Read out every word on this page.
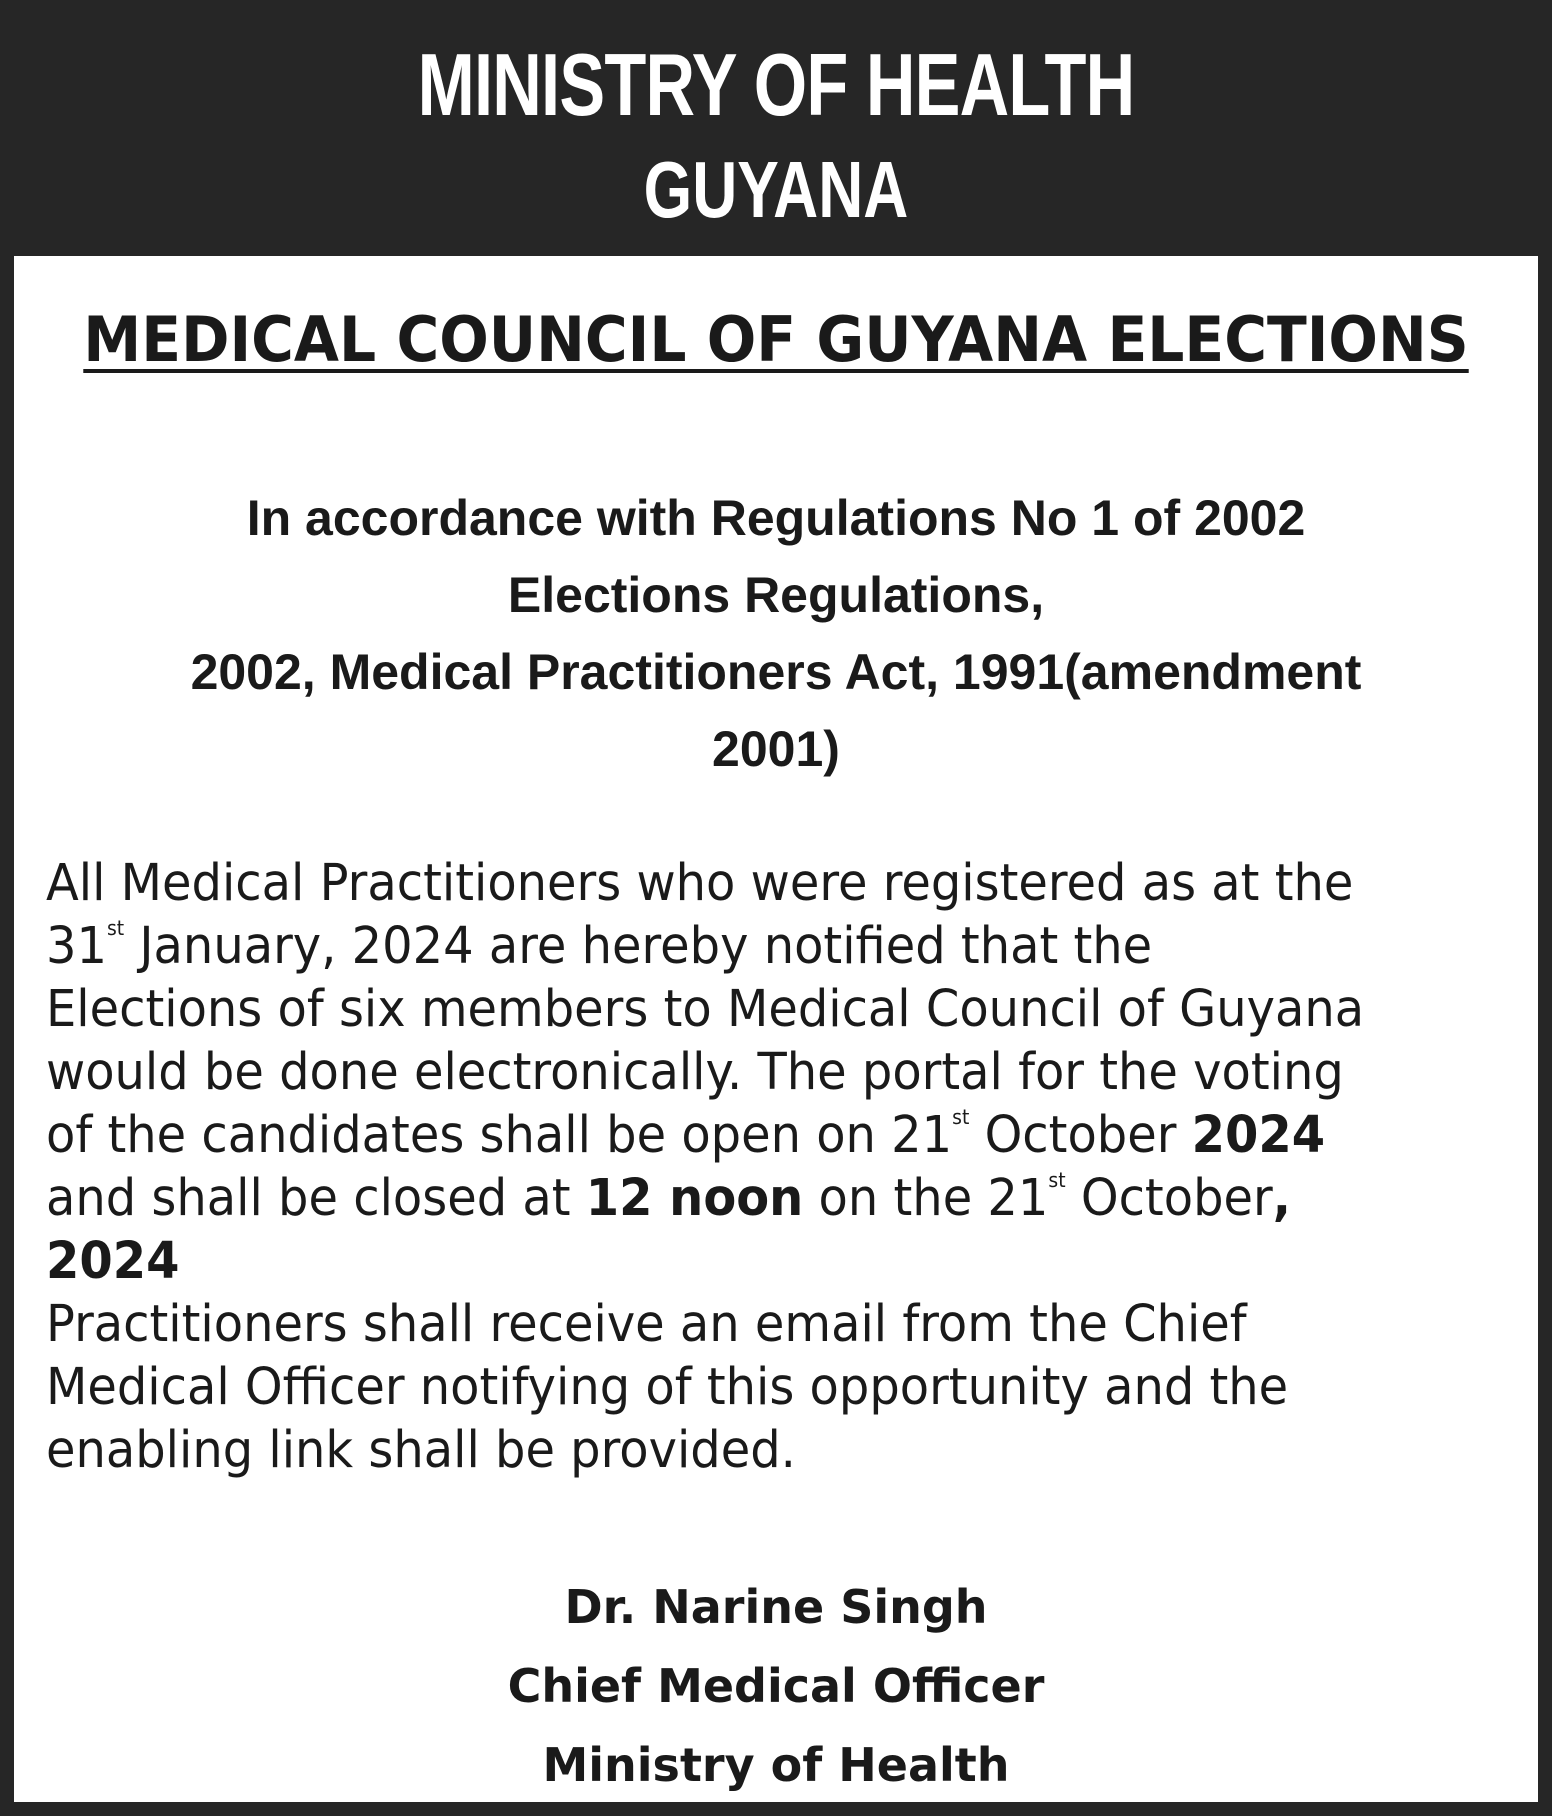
MINISTRY OF HEALTH
GUYANA
MEDICAL COUNCIL OF GUYANA ELECTIONS
In accordance with Regulations No 1 of 2002
Elections Regulations,
2002, Medical Practitioners Act, 1991(amendment
2001)
All Medical Practitioners who were registered as at the
31st January, 2024 are hereby notified that the
Elections of six members to Medical Council of Guyana
would be done electronically. The portal for the voting
of the candidates shall be open on 21st October 2024
and shall be closed at 12 noon on the 21st October,
2024
Practitioners shall receive an email from the Chief
Medical Officer notifying of this opportunity and the
enabling link shall be provided.
Dr. Narine Singh
Chief Medical Officer
Ministry of Health
